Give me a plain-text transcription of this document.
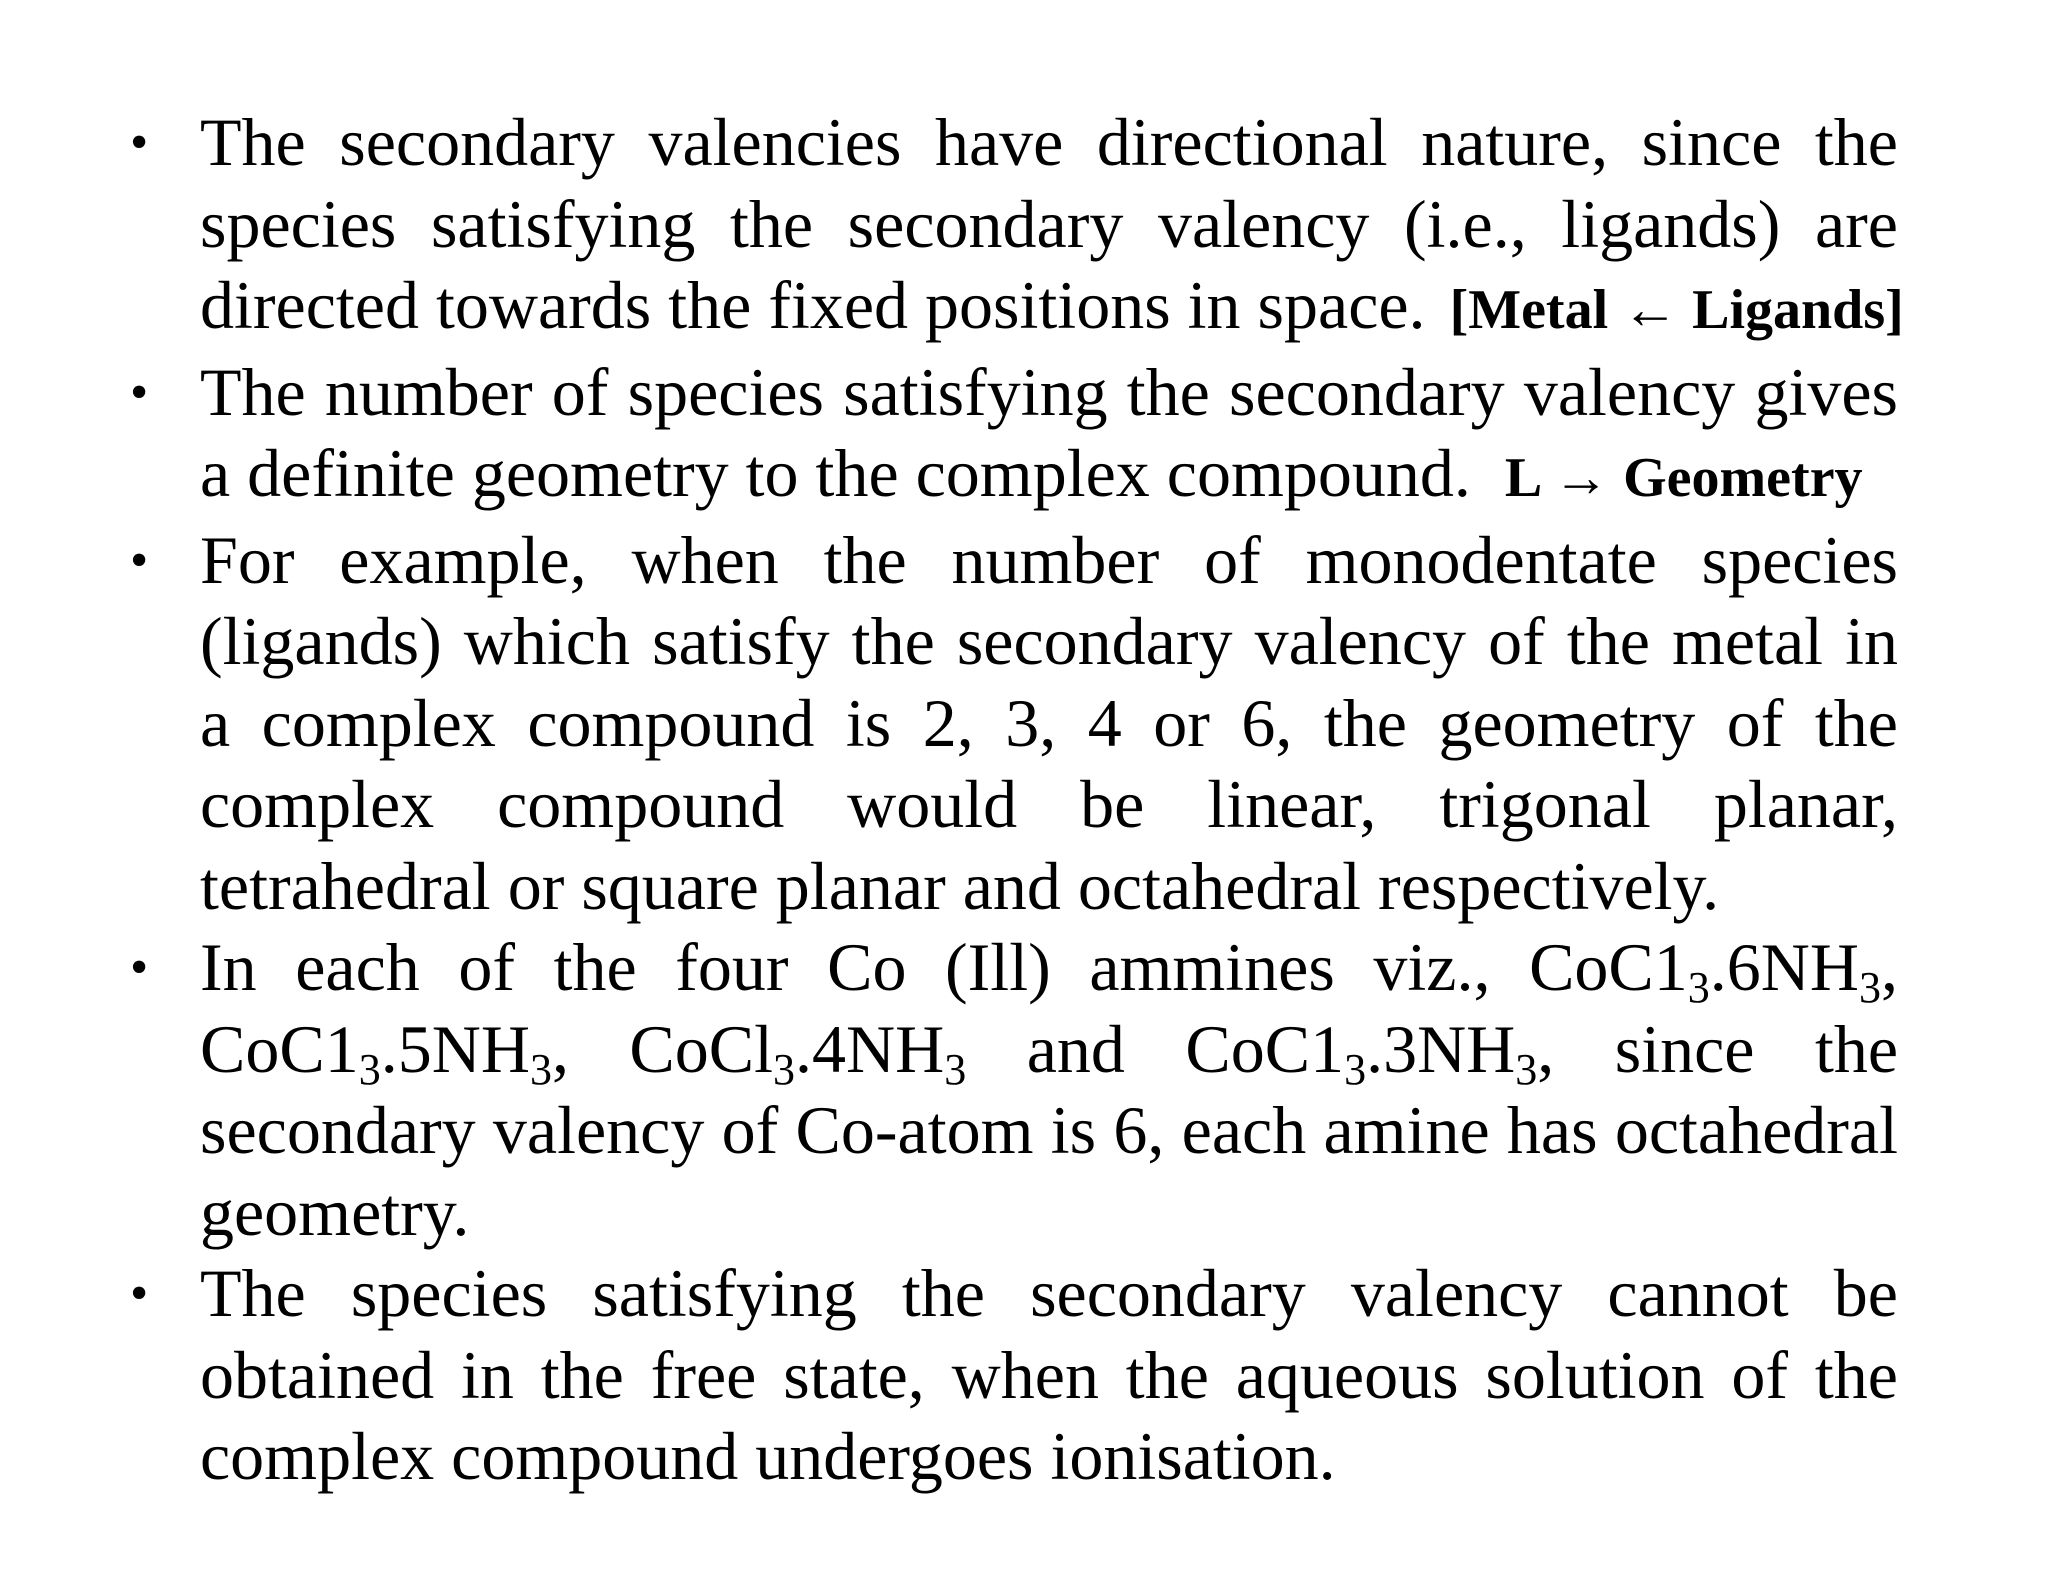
• The secondary valencies have directional nature, since the species satisfying the secondary valency (i.e., ligands) are directed towards the fixed positions in space. [Metal ← Ligands]
• The number of species satisfying the secondary valency gives a definite geometry to the complex compound. L → Geometry
• For example, when the number of monodentate species (ligands) which satisfy the secondary valency of the metal in a complex compound is 2, 3, 4 or 6, the geometry of the complex compound would be linear, trigonal planar, tetrahedral or square planar and octahedral respectively.
• In each of the four Co (Ill) ammines viz., $CoC1_3.6NH_3$, $CoC1_3.5NH_3$, $CoCl_3.4NH_3$ and $CoC1_3.3NH_3$, since the secondary valency of Co-atom is 6, each amine has octahedral geometry.
• The species satisfying the secondary valency cannot be obtained in the free state, when the aqueous solution of the complex compound undergoes ionisation.
